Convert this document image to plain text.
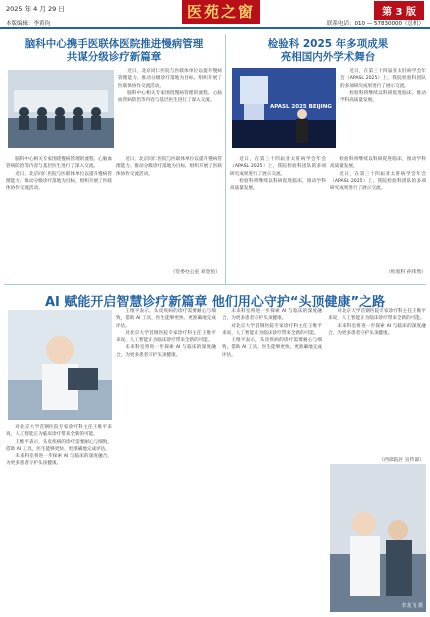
2025 年 4 月 29 日	第 3 版
医苑之窗
本版编辑：李黄钧	联系电话：010 — 57830000（总机）
脑科中心携手医联体医院推进慢病管理
共谋分级诊疗新篇章

近日，北京同仁医院与医联体单位以提升慢病管理能力、推动分级诊疗落地为目标，组织开展了医联体协作交流活动。

脑科中心相关专家围绕慢病管理的流程、心脑血管病防治等内容与基层医生进行了深入交流。

脑科中心相关专家围绕慢病管理的流程、心脑血管病防治等内容与基层医生进行了深入交流。

近日，北京同仁医院与医联体单位以提升慢病管理能力、推动分级诊疗落地为目标，组织开展了医联体协作交流活动。

近日，北京同仁医院与医联体单位以提升慢病管理能力、推动分级诊疗落地为目标，组织开展了医联体协作交流活动。

（党委办公室 刘金鱼）
检验科 2025 年多项成果
亮相国内外学术舞台
APASL 2025 BEIJING

近日，在第三十四届亚太肝病学会年会（APASL 2025）上，我院检验科团队的多项研究成果进行了展示交流。

检验科将继续以科研促进临床，推动学科高质量发展。

近日，在第三十四届亚太肝病学会年会（APASL 2025）上，我院检验科团队的多项研究成果进行了展示交流。

检验科将继续以科研促进临床，推动学科高质量发展。

检验科将继续以科研促进临床，推动学科高质量发展。

近日，在第三十四届亚太肝病学会年会（APASL 2025）上，我院检验科团队的多项研究成果进行了展示交流。

（检验科 孙伟然）
AI 赋能开启智慧诊疗新篇章 他们用心守护“头顶健康”之路

对北京大学首钢医院专家诊疗科主任王维平来说，人工智能正为临床诊疗带来全新的可能。

王维平表示，头皮疾病的诊疗需要耐心与细致，借助 AI 工具，医生能够更快、更准确地完成评估。

未来科室将进一步探索 AI 与临床的深度融合，为更多患者守护头顶健康。

王维平表示，头皮疾病的诊疗需要耐心与细致，借助 AI 工具，医生能够更快、更准确地完成评估。

对北京大学首钢医院专家诊疗科主任王维平来说，人工智能正为临床诊疗带来全新的可能。

未来科室将进一步探索 AI 与临床的深度融合，为更多患者守护头顶健康。

未来科室将进一步探索 AI 与临床的深度融合，为更多患者守护头顶健康。

对北京大学首钢医院专家诊疗科主任王维平来说，人工智能正为临床诊疗带来全新的可能。

王维平表示，头皮疾病的诊疗需要耐心与细致，借助 AI 工具，医生能够更快、更准确地完成评估。

对北京大学首钢医院专家诊疗科主任王维平来说，人工智能正为临床诊疗带来全新的可能。

未来科室将进一步探索 AI 与临床的深度融合，为更多患者守护头顶健康。

（西部院区 宣传部）
李龙飞 摄
